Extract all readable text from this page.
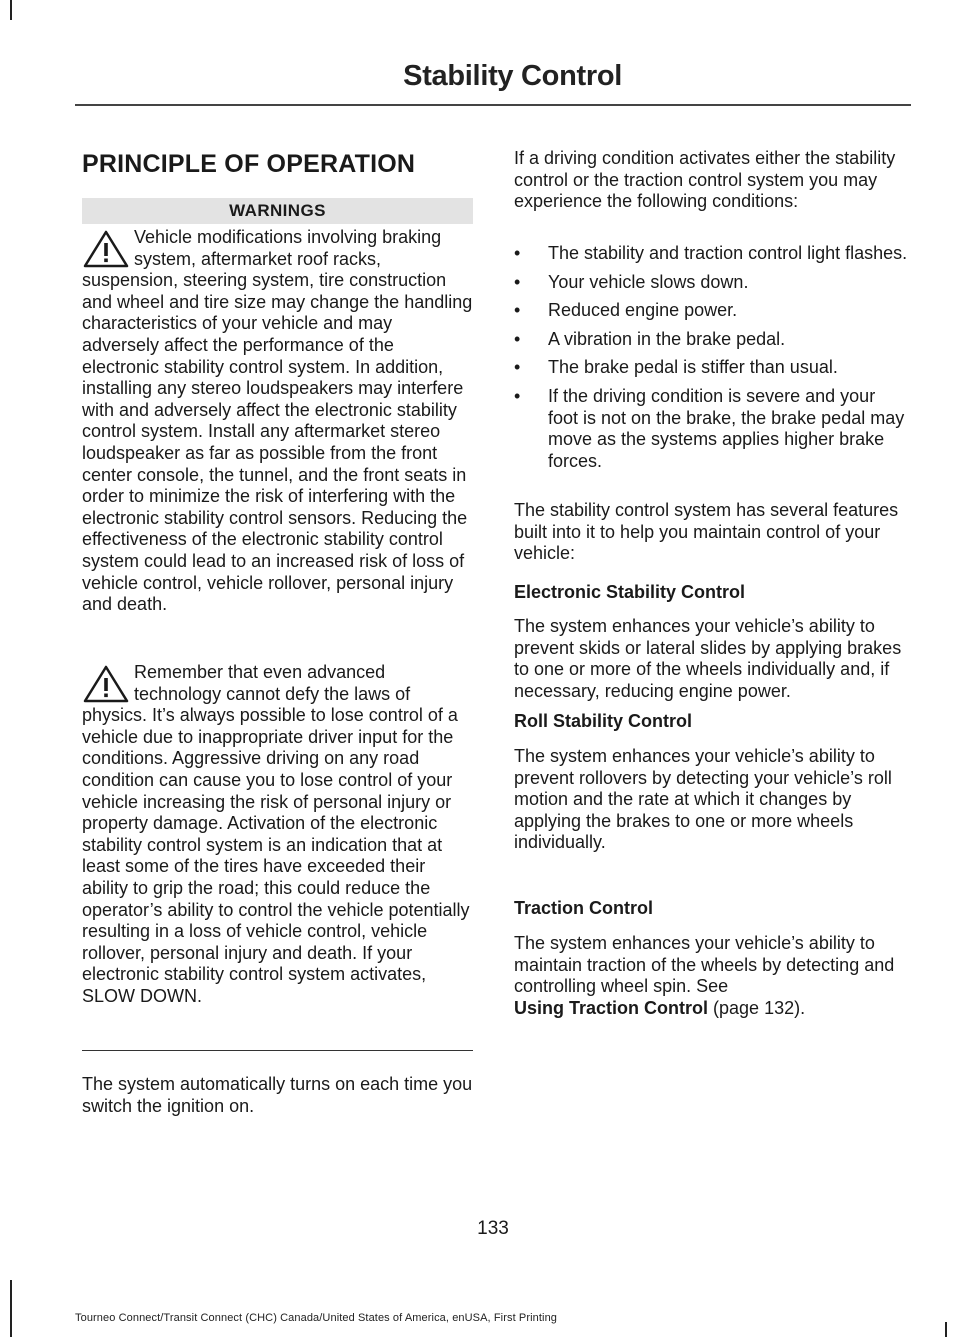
Stability Control
PRINCIPLE OF OPERATION
WARNINGS

Vehicle modifications involving braking system, aftermarket roof racks, suspension, steering system, tire construction and wheel and tire size may change the handling characteristics of your vehicle and may adversely affect the performance of the electronic stability control system. In addition, installing any stereo loudspeakers may interfere with and adversely affect the electronic stability control system. Install any aftermarket stereo loudspeaker as far as possible from the front center console, the tunnel, and the front seats in order to minimize the risk of interfering with the electronic stability control sensors. Reducing the effectiveness of the electronic stability control system could lead to an increased risk of loss of vehicle control, vehicle rollover, personal injury and death.

Remember that even advanced technology cannot defy the laws of physics. It’s always possible to lose control of a vehicle due to inappropriate driver input for the conditions. Aggressive driving on any road condition can cause you to lose control of your vehicle increasing the risk of personal injury or property damage. Activation of the electronic stability control system is an indication that at least some of the tires have exceeded their ability to grip the road; this could reduce the operator’s ability to control the vehicle potentially resulting in a loss of vehicle control, vehicle rollover, personal injury and death. If your electronic stability control system activates, SLOW DOWN.

The system automatically turns on each time you switch the ignition on.

If a driving condition activates either the stability control or the traction control system you may experience the following conditions:

• The stability and traction control light flashes.
• Your vehicle slows down.
• Reduced engine power.
• A vibration in the brake pedal.
• The brake pedal is stiffer than usual.
• If the driving condition is severe and your foot is not on the brake, the brake pedal may move as the systems applies higher brake forces.

The stability control system has several features built into it to help you maintain control of your vehicle:

Electronic Stability Control

The system enhances your vehicle’s ability to prevent skids or lateral slides by applying brakes to one or more of the wheels individually and, if necessary, reducing engine power.

Roll Stability Control

The system enhances your vehicle’s ability to prevent rollovers by detecting your vehicle’s roll motion and the rate at which it changes by applying the brakes to one or more wheels individually.

Traction Control

The system enhances your vehicle’s ability to maintain traction of the wheels by detecting and controlling wheel spin. See
Using Traction Control (page 132).

133
Tourneo Connect/Transit Connect (CHC) Canada/United States of America, enUSA, First Printing
